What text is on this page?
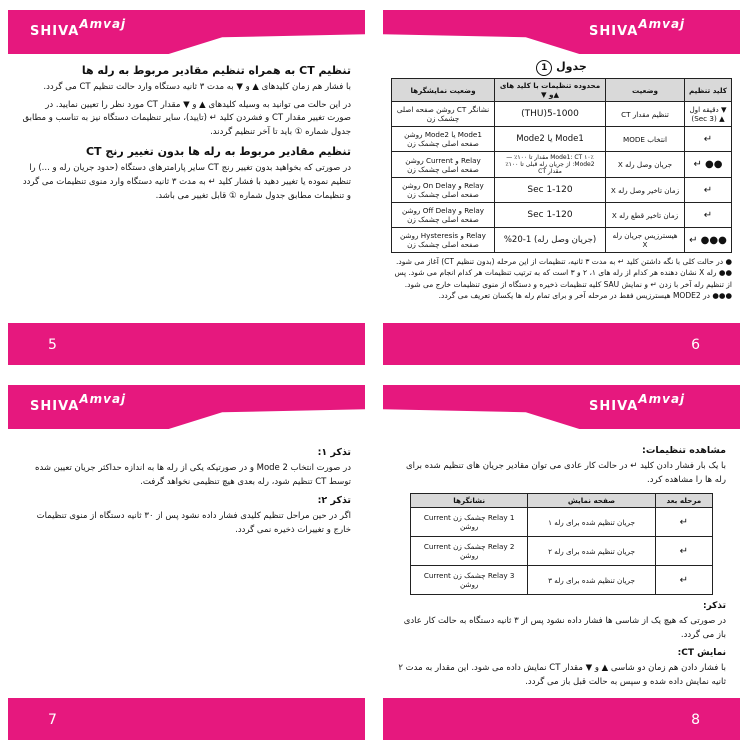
SHIVAAmvaj
تنظیم CT به همراه تنظیم مقادیر مربوط به رله ها

با فشار هم زمان کلیدهای ▲ و ▼ به مدت ۳ ثانیه دستگاه وارد حالت تنظیم CT می گردد.

در این حالت می توانید به وسیله کلیدهای ▲ و ▼ مقدار CT مورد نظر را تعیین نمایید. در صورت تغییر مقدار CT و فشردن کلید ↵ (تایید)، سایر تنظیمات دستگاه نیز به تناسب و مطابق جدول شماره ① باید تا آخر تنظیم گردند.

تنظیم مقادیر مربوط به رله ها بدون تغییر رنج CT

در صورتی که بخواهید بدون تغییر رنج CT سایر پارامترهای دستگاه (حدود جریان رله و ...) را تنظیم نموده یا تغییر دهید با فشار کلید ↵ به مدت ۳ ثانیه دستگاه وارد منوی تنظیمات می گردد و تنظیمات مطابق جدول شماره ① قابل تغییر می باشد.

5
SHIVAAmvaj
جدول 1
کلید تنظیم	وضعیت	محدوده تنظیمات با کلید های ▲و ▼	وضعیت نمایشگرها
▼ دقیقه اول ▲ (3 Sec)	تنظیم مقدار CT	5-1000(THU)	نشانگر CT روشن صفحه اصلی چشمک زن
↵	انتخاب MODE	Mode1 یا Mode2	Mode1 یا Mode2 روشن صفحه اصلی چشمک زن
●● ↵	جریان وصل رله X	Mode1: CT ۱۰٪ مقدار تا ۱۰۰٪ — Mode2: از جریان رله قبلی تا ۱۰۰٪ مقدار CT	Relay و Current روشن صفحه اصلی چشمک زن
↵	زمان تاخیر وصل رله X	1-120 Sec	Relay و On Delay روشن صفحه اصلی چشمک زن
↵	زمان تاخیر قطع رله X	1-120 Sec	Relay و Off Delay روشن صفحه اصلی چشمک زن
●●● ↵	هیسترزیس جریان رله X	(جریان وصل رله) 1-20%	Relay و Hysteresis روشن صفحه اصلی چشمک زن

● در حالت کلی با نگه داشتن کلید ↵ به مدت ۳ ثانیه، تنظیمات از این مرحله (بدون تنظیم CT) آغاز می شود.

●● رله X نشان دهنده هر کدام از رله های ۱، ۲ و ۳ است که به ترتیب تنظیمات هر کدام انجام می شود. پس از تنظیم رله آخر با زدن ↵ و نمایش SAU کلیه تنظیمات ذخیره و دستگاه از منوی تنظیمات خارج می شود.

●●● در MODE2 هیسترزیس فقط در مرحله آخر و برای تمام رله ها یکسان تعریف می گردد.

6
SHIVAAmvaj
تذکر ۱:

در صورت انتخاب Mode 2 و در صورتیکه یکی از رله ها به اندازه حداکثر جریان تعیین شده توسط CT تنظیم شود، رله بعدی هیچ تنظیمی نخواهد گرفت.

تذکر ۲:

اگر در حین مراحل تنظیم کلیدی فشار داده نشود پس از ۳۰ ثانیه دستگاه از منوی تنظیمات خارج و تغییرات ذخیره نمی گردد.

7
SHIVAAmvaj
مشاهده تنظیمات:

با یک بار فشار دادن کلید ↵ در حالت کار عادی می توان مقادیر جریان های تنظیم شده برای رله ها را مشاهده کرد.

مرحله بعد	صفحه نمایش	نشانگرها
↵	جریان تنظیم شده برای رله ۱	Relay 1 چشمک زن Current روشن
↵	جریان تنظیم شده برای رله ۲	Relay 2 چشمک زن Current روشن
↵	جریان تنظیم شده برای رله ۳	Relay 3 چشمک زن Current روشن
تذکر:

در صورتی که هیچ یک از شاسی ها فشار داده نشود پس از ۳ ثانیه دستگاه به حالت کار عادی باز می گردد.

نمایش CT:

با فشار دادن هم زمان دو شاسی ▲ و ▼ مقدار CT نمایش داده می شود. این مقدار به مدت ۲ ثانیه نمایش داده شده و سپس به حالت قبل باز می گردد.

8
